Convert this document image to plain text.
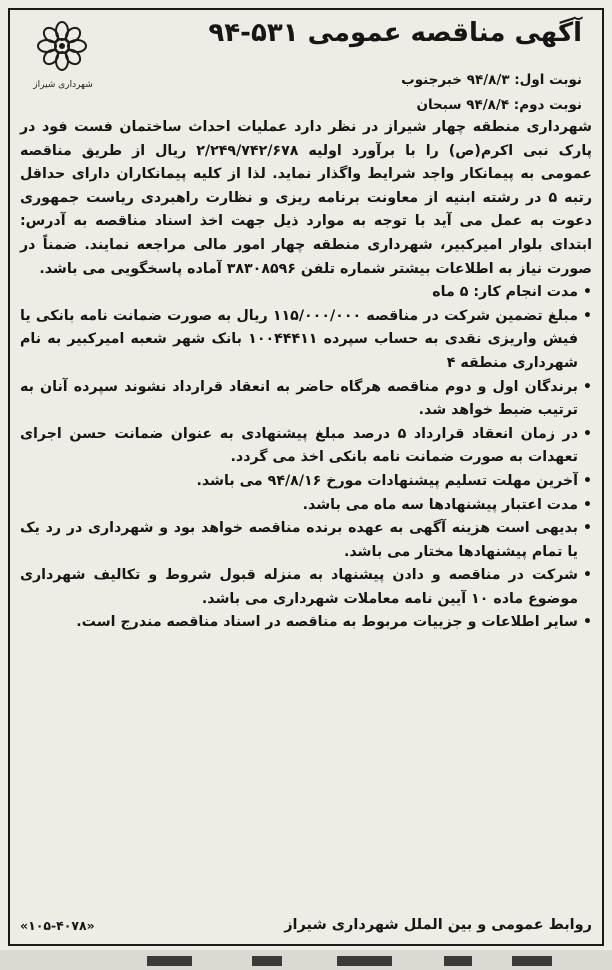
آگهی مناقصه عمومی ۵۳۱-۹۴
شهرداری شیراز	نوبت اول: ۹۴/۸/۳ خبرجنوب
نوبت دوم: ۹۴/۸/۴ سبحان

شهرداری منطقه چهار شیراز در نظر دارد عملیات احداث ساختمان فست فود در پارک نبی اکرم(ص) را با برآورد اولیه ۲/۲۴۹/۷۴۲/۶۷۸ ریال از طریق مناقصه عمومی به پیمانکار واجد شرایط واگذار نماید. لذا از کلیه پیمانکاران دارای حداقل رتبه ۵ در رشته ابنیه از معاونت برنامه ریزی و نظارت راهبردی ریاست جمهوری دعوت به عمل می آید با توجه به موارد ذیل جهت اخذ اسناد مناقصه به آدرس: ابتدای بلوار امیرکبیر، شهرداری منطقه چهار امور مالی مراجعه نمایند. ضمناً در صورت نیاز به اطلاعات بیشتر شماره تلفن ۳۸۳۰۸۵۹۶ آماده پاسخگویی می باشد.

• مدت انجام کار: ۵ ماه
• مبلغ تضمین شرکت در مناقصه ۱۱۵/۰۰۰/۰۰۰ ریال به صورت ضمانت نامه بانکی یا فیش واریزی نقدی به حساب سپرده ۱۰۰۴۴۴۱۱ بانک شهر شعبه امیرکبیر به نام شهرداری منطقه ۴
• برندگان اول و دوم مناقصه هرگاه حاضر به انعقاد قرارداد نشوند سپرده آنان به ترتیب ضبط خواهد شد.
• در زمان انعقاد قرارداد ۵ درصد مبلغ پیشنهادی به عنوان ضمانت حسن اجرای تعهدات به صورت ضمانت نامه بانکی اخذ می گردد.
• آخرین مهلت تسلیم پیشنهادات مورخ ۹۴/۸/۱۶ می باشد.
• مدت اعتبار پیشنهادها سه ماه می باشد.
• بدیهی است هزینه آگهی به عهده برنده مناقصه خواهد بود و شهرداری در رد یک یا تمام پیشنهادها مختار می باشد.
• شرکت در مناقصه و دادن پیشنهاد به منزله قبول شروط و تکالیف شهرداری موضوع ماده ۱۰ آیین نامه معاملات شهرداری می باشد.
• سایر اطلاعات و جزییات مربوط به مناقصه در اسناد مناقصه مندرج است.
روابط عمومی و بین الملل شهرداری شیراز
«۱۰۵-۴۰۷۸»
